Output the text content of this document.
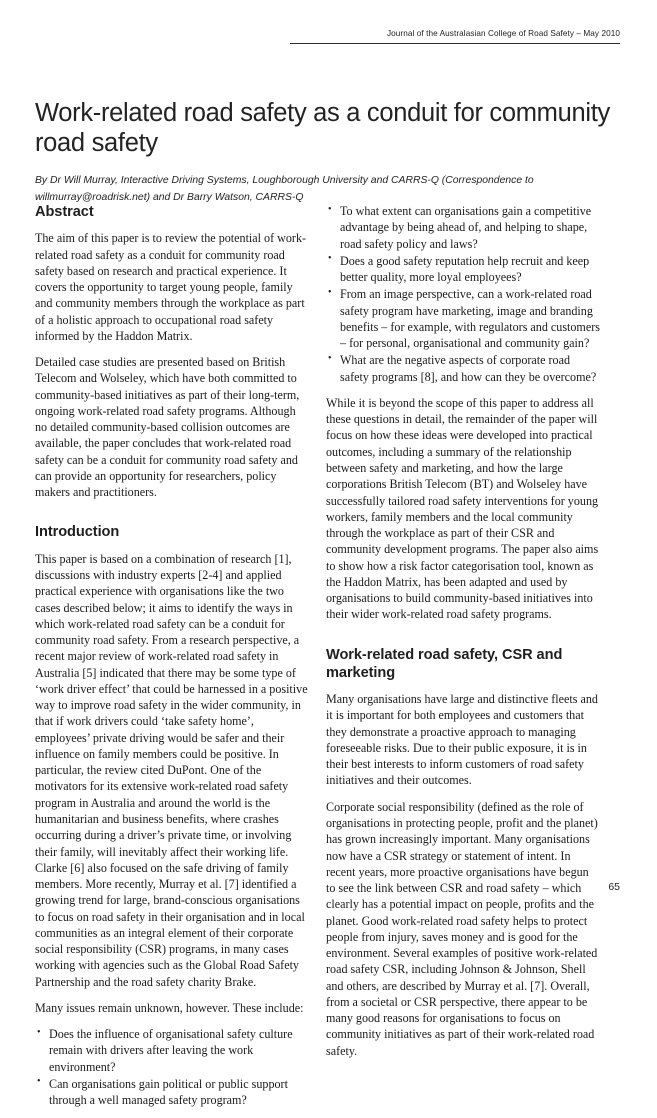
Journal of the Australasian College of Road Safety – May 2010
Work-related road safety as a conduit for community road safety

By Dr Will Murray, Interactive Driving Systems, Loughborough University and CARRS-Q (Correspondence to willmurray@roadrisk.net) and Dr Barry Watson, CARRS-Q

Abstract

The aim of this paper is to review the potential of work-related road safety as a conduit for community road safety based on research and practical experience. It covers the opportunity to target young people, family and community members through the workplace as part of a holistic approach to occupational road safety informed by the Haddon Matrix.

Detailed case studies are presented based on British Telecom and Wolseley, which have both committed to community-based initiatives as part of their long-term, ongoing work-related road safety programs. Although no detailed community-based collision outcomes are available, the paper concludes that work-related road safety can be a conduit for community road safety and can provide an opportunity for researchers, policy makers and practitioners.

Introduction

This paper is based on a combination of research [1], discussions with industry experts [2-4] and applied practical experience with organisations like the two cases described below; it aims to identify the ways in which work-related road safety can be a conduit for community road safety. From a research perspective, a recent major review of work-related road safety in Australia [5] indicated that there may be some type of ‘work driver effect’ that could be harnessed in a positive way to improve road safety in the wider community, in that if work drivers could ‘take safety home’, employees’ private driving would be safer and their influence on family members could be positive. In particular, the review cited DuPont. One of the motivators for its extensive work-related road safety program in Australia and around the world is the humanitarian and business benefits, where crashes occurring during a driver’s private time, or involving their family, will inevitably affect their working life. Clarke [6] also focused on the safe driving of family members. More recently, Murray et al. [7] identified a growing trend for large, brand-conscious organisations to focus on road safety in their organisation and in local communities as an integral element of their corporate social responsibility (CSR) programs, in many cases working with agencies such as the Global Road Safety Partnership and the road safety charity Brake.

Many issues remain unknown, however. These include:

• Does the influence of organisational safety culture remain with drivers after leaving the work environment?
• Can organisations gain political or public support through a well managed safety program?
• To what extent can organisations gain a competitive advantage by being ahead of, and helping to shape, road safety policy and laws?
• Does a good safety reputation help recruit and keep better quality, more loyal employees?
• From an image perspective, can a work-related road safety program have marketing, image and branding benefits – for example, with regulators and customers – for personal, organisational and community gain?
• What are the negative aspects of corporate road safety programs [8], and how can they be overcome?

While it is beyond the scope of this paper to address all these questions in detail, the remainder of the paper will focus on how these ideas were developed into practical outcomes, including a summary of the relationship between safety and marketing, and how the large corporations British Telecom (BT) and Wolseley have successfully tailored road safety interventions for young workers, family members and the local community through the workplace as part of their CSR and community development programs. The paper also aims to show how a risk factor categorisation tool, known as the Haddon Matrix, has been adapted and used by organisations to build community-based initiatives into their wider work-related road safety programs.

Work-related road safety, CSR and marketing

Many organisations have large and distinctive fleets and it is important for both employees and customers that they demonstrate a proactive approach to managing foreseeable risks. Due to their public exposure, it is in their best interests to inform customers of road safety initiatives and their outcomes.

Corporate social responsibility (defined as the role of organisations in protecting people, profit and the planet) has grown increasingly important. Many organisations now have a CSR strategy or statement of intent. In recent years, more proactive organisations have begun to see the link between CSR and road safety – which clearly has a potential impact on people, profits and the planet. Good work-related road safety helps to protect people from injury, saves money and is good for the environment. Several examples of positive work-related road safety CSR, including Johnson & Johnson, Shell and others, are described by Murray et al. [7]. Overall, from a societal or CSR perspective, there appear to be many good reasons for organisations to focus on community initiatives as part of their work-related road safety.

65
